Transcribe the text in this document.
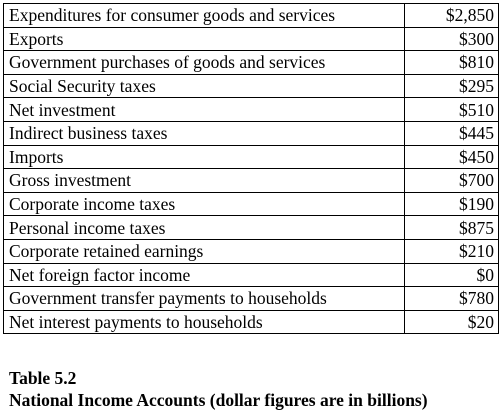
Expenditures for consumer goods and services	$2,850
Exports	$300
Government purchases of goods and services	$810
Social Security taxes	$295
Net investment	$510
Indirect business taxes	$445
Imports	$450
Gross investment	$700
Corporate income taxes	$190
Personal income taxes	$875
Corporate retained earnings	$210
Net foreign factor income	$0
Government transfer payments to households	$780
Net interest payments to households	$20
Table 5.2
National Income Accounts (dollar figures are in billions)
